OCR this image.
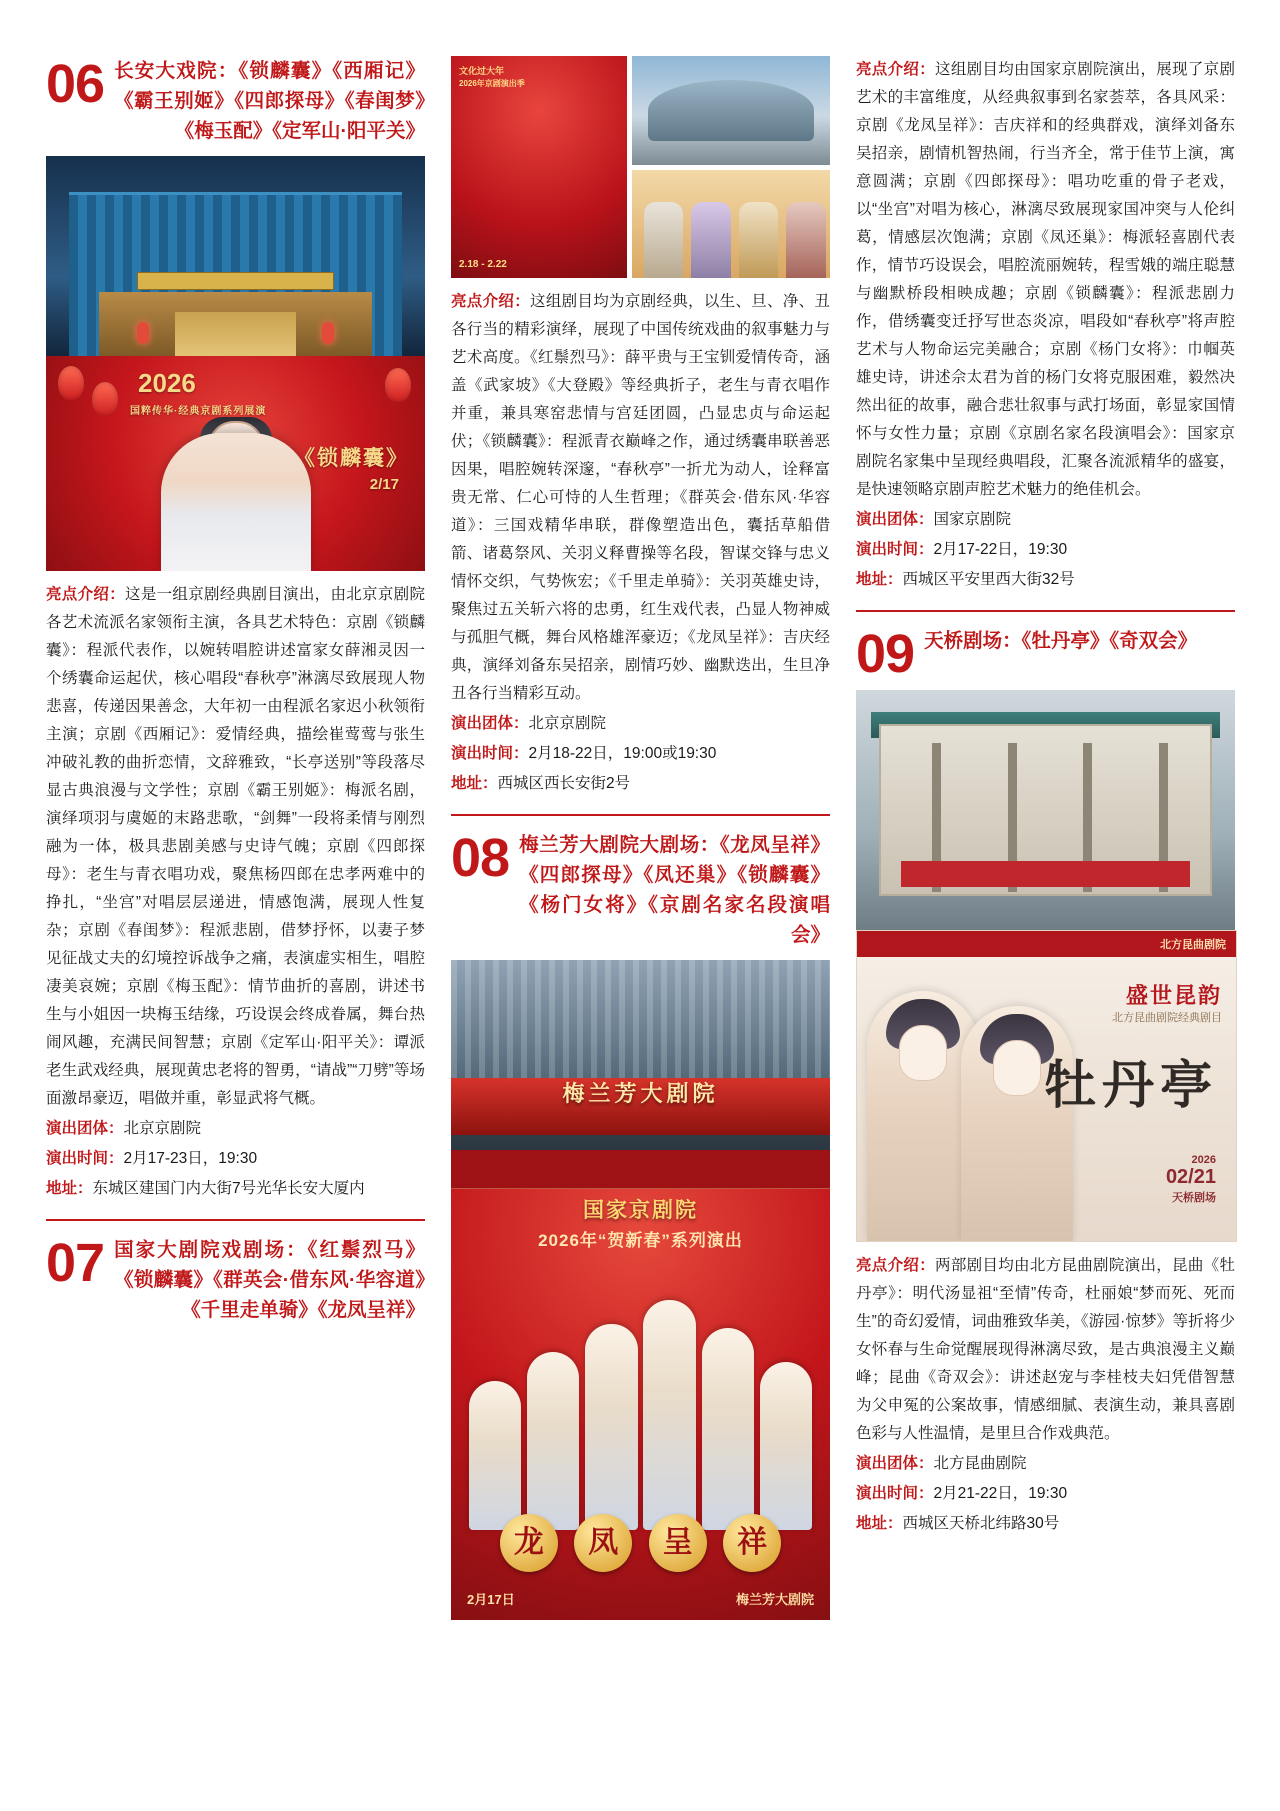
06 长安大戏院：《锁麟囊》《西厢记》《霸王别姬》《四郎探母》《春闺梦》《梅玉配》《定军山·阳平关》
2026
国粹传华·经典京剧系列展演
《锁麟囊》
2/17
亮点介绍：这是一组京剧经典剧目演出，由北京京剧院各艺术流派名家领衔主演，各具艺术特色：京剧《锁麟囊》：程派代表作，以婉转唱腔讲述富家女薛湘灵因一个绣囊命运起伏，核心唱段“春秋亭”淋漓尽致展现人物悲喜，传递因果善念，大年初一由程派名家迟小秋领衔主演；京剧《西厢记》：爱情经典，描绘崔莺莺与张生冲破礼教的曲折恋情，文辞雅致，“长亭送别”等段落尽显古典浪漫与文学性；京剧《霸王别姬》：梅派名剧，演绎项羽与虞姬的末路悲歌，“剑舞”一段将柔情与刚烈融为一体，极具悲剧美感与史诗气魄；京剧《四郎探母》：老生与青衣唱功戏，聚焦杨四郎在忠孝两难中的挣扎，“坐宫”对唱层层递进，情感饱满，展现人性复杂；京剧《春闺梦》：程派悲剧，借梦抒怀，以妻子梦见征战丈夫的幻境控诉战争之痛，表演虚实相生，唱腔凄美哀婉；京剧《梅玉配》：情节曲折的喜剧，讲述书生与小姐因一块梅玉结缘，巧设误会终成眷属，舞台热闹风趣，充满民间智慧；京剧《定军山·阳平关》：谭派老生武戏经典，展现黄忠老将的智勇，“请战”“刀劈”等场面激昂豪迈，唱做并重，彰显武将气概。
演出团体：北京京剧院
演出时间：2月17-23日，19:30
地址：东城区建国门内大街7号光华长安大厦内
07 国家大剧院戏剧场：《红鬃烈马》《锁麟囊》《群英会·借东风·华容道》《千里走单骑》《龙凤呈祥》
文化过大年
2026年京剧演出季
2.18 - 2.22
亮点介绍：这组剧目均为京剧经典，以生、旦、净、丑各行当的精彩演绎，展现了中国传统戏曲的叙事魅力与艺术高度。《红鬃烈马》：薛平贵与王宝钏爱情传奇，涵盖《武家坡》《大登殿》等经典折子，老生与青衣唱作并重，兼具寒窑悲情与宫廷团圆，凸显忠贞与命运起伏；《锁麟囊》：程派青衣巅峰之作，通过绣囊串联善恶因果，唱腔婉转深邃，“春秋亭”一折尤为动人，诠释富贵无常、仁心可恃的人生哲理；《群英会·借东风·华容道》：三国戏精华串联，群像塑造出色，囊括草船借箭、诸葛祭风、关羽义释曹操等名段，智谋交锋与忠义情怀交织，气势恢宏；《千里走单骑》：关羽英雄史诗，聚焦过五关斩六将的忠勇，红生戏代表，凸显人物神威与孤胆气概，舞台风格雄浑豪迈；《龙凤呈祥》：吉庆经典，演绎刘备东吴招亲，剧情巧妙、幽默迭出，生旦净丑各行当精彩互动。
演出团体：北京京剧院
演出时间：2月18-22日，19:00或19:30
地址：西城区西长安街2号
08 梅兰芳大剧院大剧场：《龙凤呈祥》《四郎探母》《凤还巢》《锁麟囊》《杨门女将》《京剧名家名段演唱会》
梅兰芳大剧院
国家京剧院
2026年“贺新春”系列演出
龙 凤 呈 祥
2月17日	梅兰芳大剧院
亮点介绍：这组剧目均由国家京剧院演出，展现了京剧艺术的丰富维度，从经典叙事到名家荟萃，各具风采：京剧《龙凤呈祥》：吉庆祥和的经典群戏，演绎刘备东吴招亲，剧情机智热闹，行当齐全，常于佳节上演，寓意圆满；京剧《四郎探母》：唱功吃重的骨子老戏，以“坐宫”对唱为核心，淋漓尽致展现家国冲突与人伦纠葛，情感层次饱满；京剧《凤还巢》：梅派轻喜剧代表作，情节巧设误会，唱腔流丽婉转，程雪娥的端庄聪慧与幽默桥段相映成趣；京剧《锁麟囊》：程派悲剧力作，借绣囊变迁抒写世态炎凉，唱段如“春秋亭”将声腔艺术与人物命运完美融合；京剧《杨门女将》：巾帼英雄史诗，讲述佘太君为首的杨门女将克服困难，毅然决然出征的故事，融合悲壮叙事与武打场面，彰显家国情怀与女性力量；京剧《京剧名家名段演唱会》：国家京剧院名家集中呈现经典唱段，汇聚各流派精华的盛宴，是快速领略京剧声腔艺术魅力的绝佳机会。
演出团体：国家京剧院
演出时间：2月17-22日，19:30
地址：西城区平安里西大街32号
09 天桥剧场：《牡丹亭》《奇双会》
北方昆曲剧院
盛世昆韵
北方昆曲剧院经典剧目
牡丹亭
2026
02/21
天桥剧场
亮点介绍：两部剧目均由北方昆曲剧院演出，昆曲《牡丹亭》：明代汤显祖“至情”传奇，杜丽娘“梦而死、死而生”的奇幻爱情，词曲雅致华美，《游园·惊梦》等折将少女怀春与生命觉醒展现得淋漓尽致，是古典浪漫主义巅峰；昆曲《奇双会》：讲述赵宠与李桂枝夫妇凭借智慧为父申冤的公案故事，情感细腻、表演生动，兼具喜剧色彩与人性温情，是里旦合作戏典范。
演出团体：北方昆曲剧院
演出时间：2月21-22日，19:30
地址：西城区天桥北纬路30号
